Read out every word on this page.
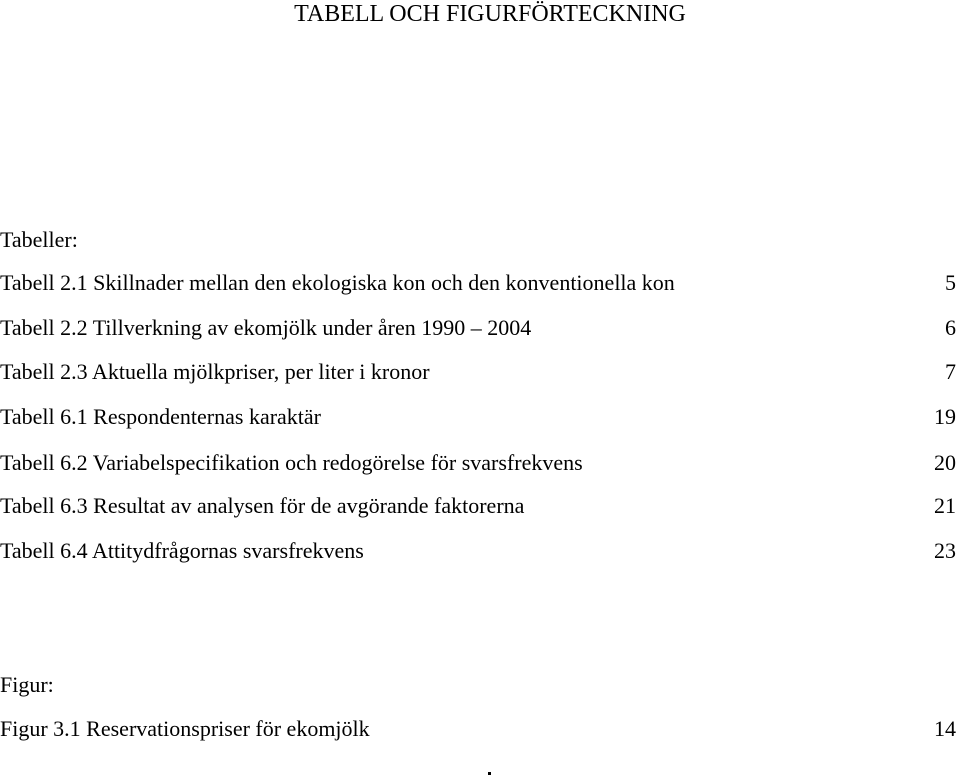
TABELL OCH FIGURFÖRTECKNING
Tabeller:
Tabell 2.1 Skillnader mellan den ekologiska kon och den konventionella kon	5
Tabell 2.2 Tillverkning av ekomjölk under åren 1990 – 2004	6
Tabell 2.3 Aktuella mjölkpriser, per liter i kronor	7
Tabell 6.1 Respondenternas karaktär	19
Tabell 6.2 Variabelspecifikation och redogörelse för svarsfrekvens	20
Tabell 6.3 Resultat av analysen för de avgörande faktorerna	21
Tabell 6.4 Attitydfrågornas svarsfrekvens	23
Figur:
Figur 3.1 Reservationspriser för ekomjölk	14
